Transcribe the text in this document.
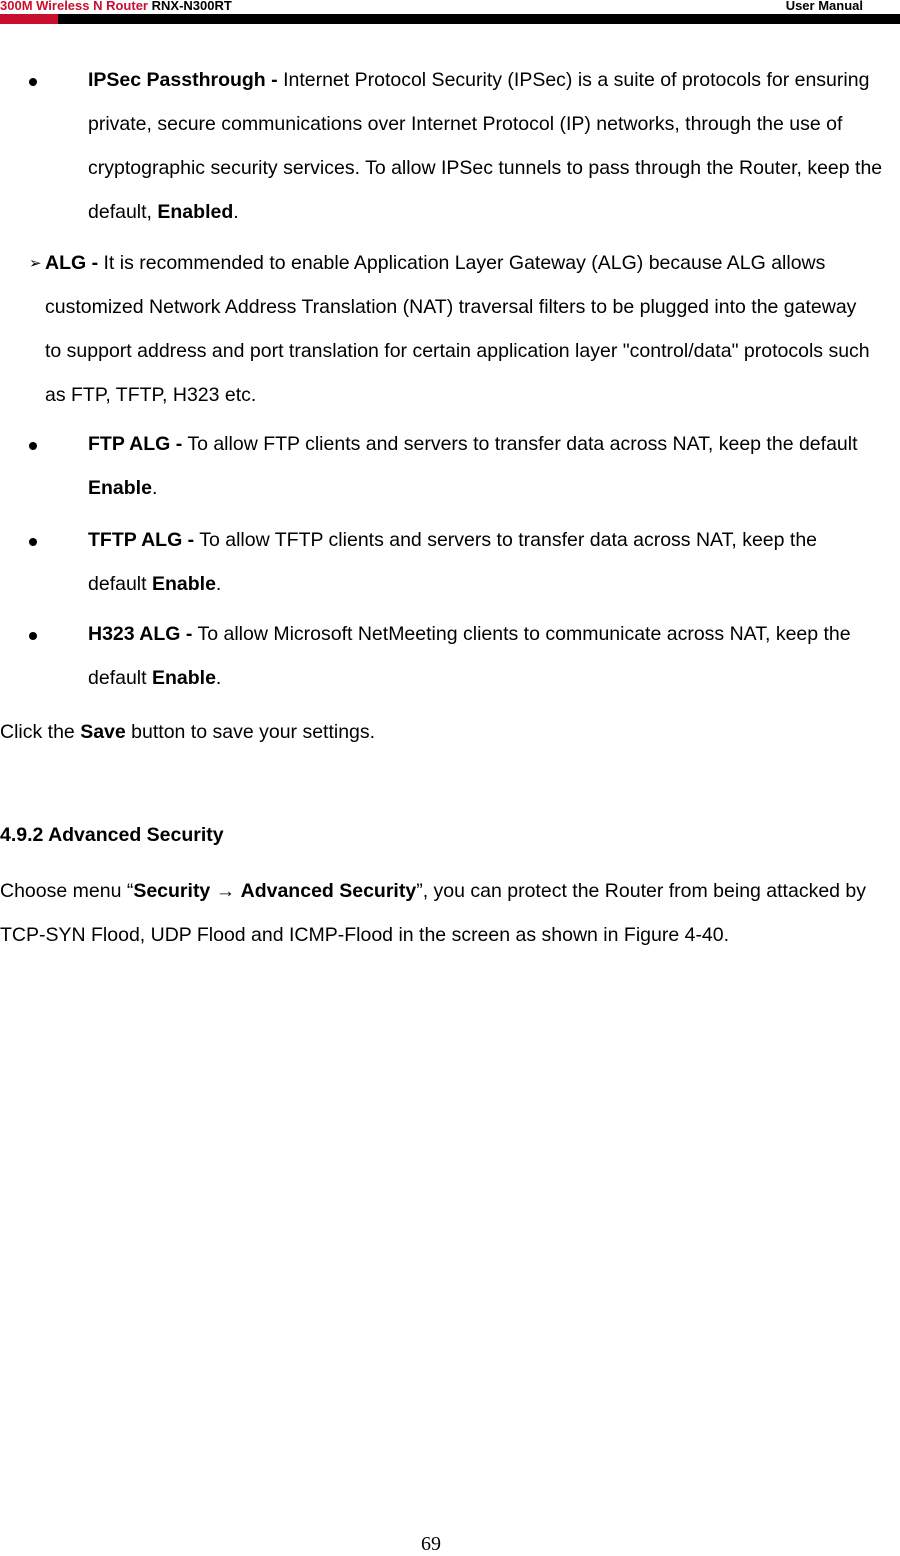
300M Wireless N Router RNX-N300RT	User Manual

IPSec Passthrough - Internet Protocol Security (IPSec) is a suite of protocols for ensuring private, secure communications over Internet Protocol (IP) networks, through the use of cryptographic security services. To allow IPSec tunnels to pass through the Router, keep the default, Enabled.

➢ ALG - It is recommended to enable Application Layer Gateway (ALG) because ALG allows customized Network Address Translation (NAT) traversal filters to be plugged into the gateway to support address and port translation for certain application layer "control/data" protocols such as FTP, TFTP, H323 etc.

FTP ALG - To allow FTP clients and servers to transfer data across NAT, keep the default Enable.

TFTP ALG - To allow TFTP clients and servers to transfer data across NAT, keep the default Enable.

H323 ALG - To allow Microsoft NetMeeting clients to communicate across NAT, keep the default Enable.

Click the Save button to save your settings.

4.9.2 Advanced Security

Choose menu “Security → Advanced Security”, you can protect the Router from being attacked by TCP-SYN Flood, UDP Flood and ICMP-Flood in the screen as shown in Figure 4-40.

69
